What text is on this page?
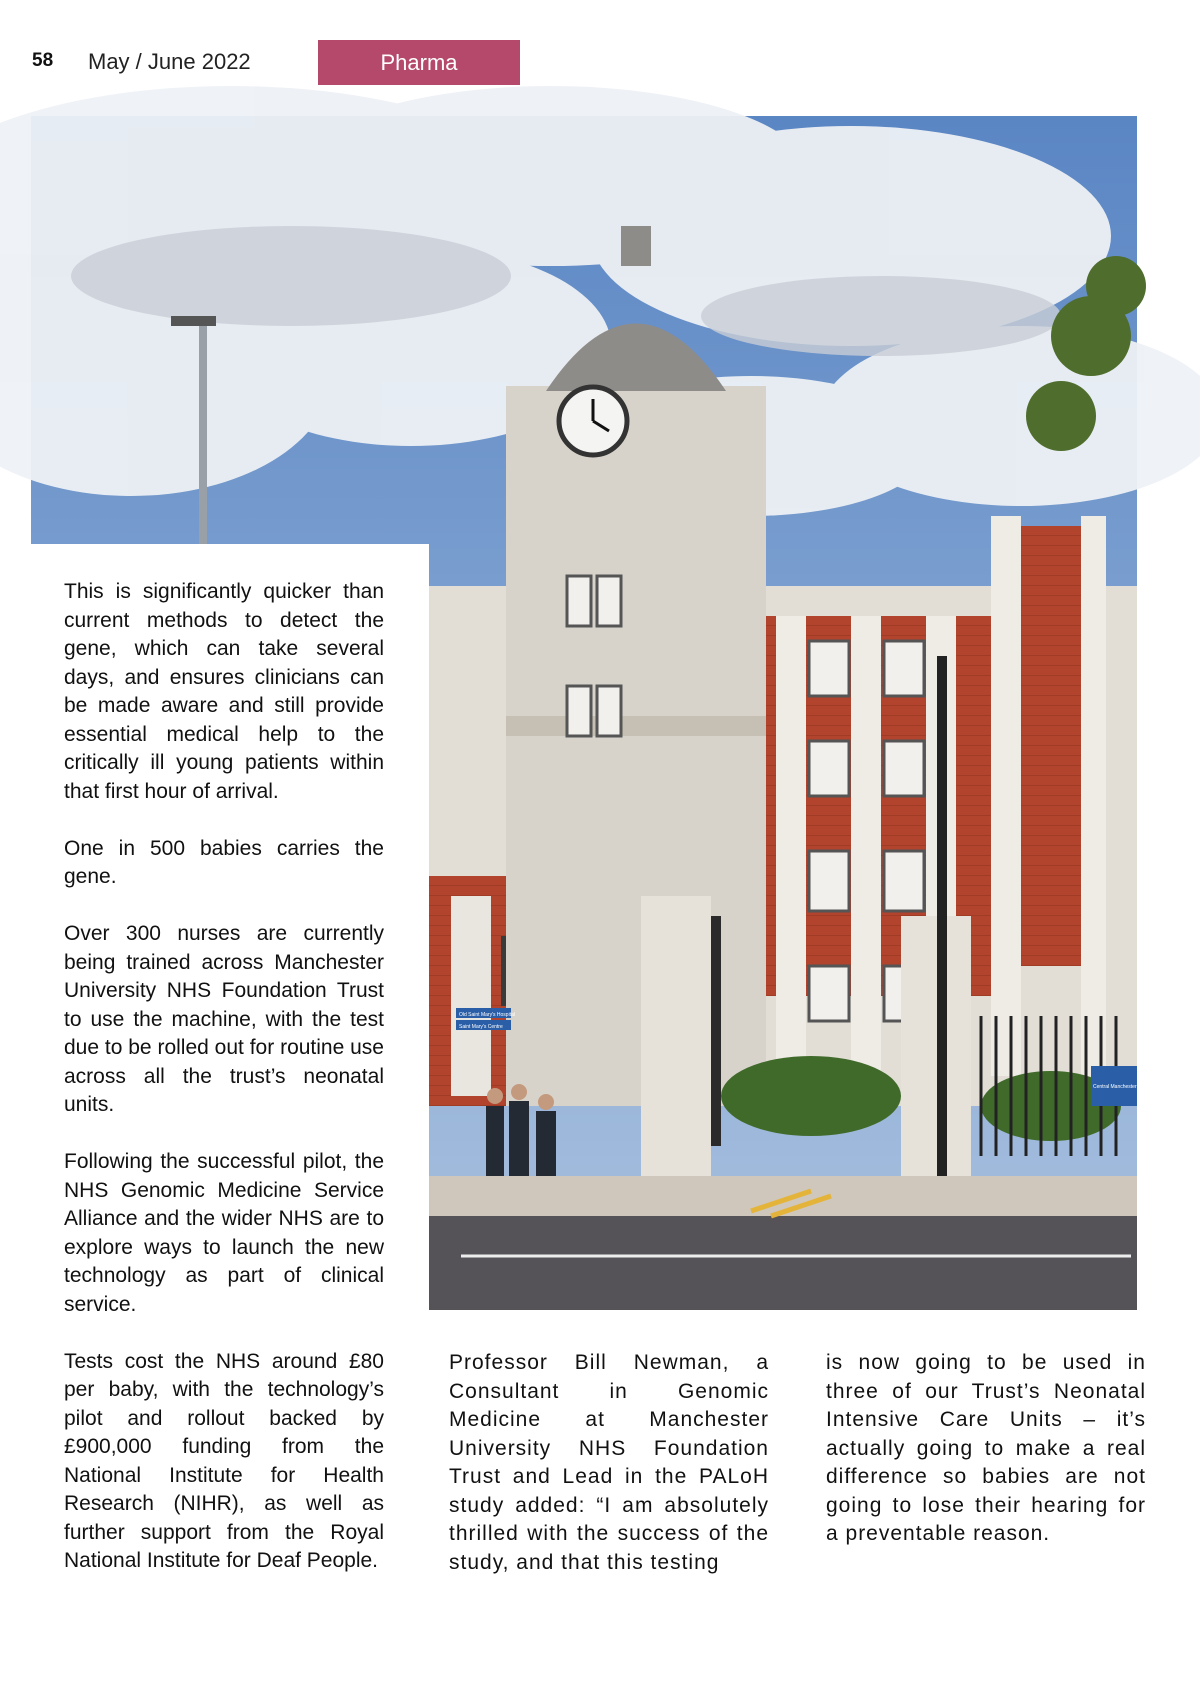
58 May / June 2022	Pharma
Old Saint Mary's Hospital
Saint Mary's Centre
Central Manchester University Hospit

This is significantly quicker than current methods to detect the gene, which can take several days, and ensures clinicians can be made aware and still provide essential medical help to the critically ill young patients within that first hour of arrival.

One in 500 babies carries the gene.

Over 300 nurses are currently being trained across Manchester University NHS Foundation Trust to use the machine, with the test due to be rolled out for routine use across all the trust’s neonatal units.

Following the successful pilot, the NHS Genomic Medicine Service Alliance and the wider NHS are to explore ways to launch the new technology as part of clinical service.

Tests cost the NHS around £80 per baby, with the technology’s pilot and rollout backed by £900,000 funding from the National Institute for Health Research (NIHR), as well as further support from the Royal National Institute for Deaf People.

Professor Bill Newman, a Consultant in Genomic Medicine at Manchester University NHS Foundation Trust and Lead in the PALoH study added: “I am absolutely thrilled with the success of the study, and that this testing

is now going to be used in three of our Trust’s Neonatal Intensive Care Units – it’s actually going to make a real difference so babies are not going to lose their hearing for a preventable reason.
